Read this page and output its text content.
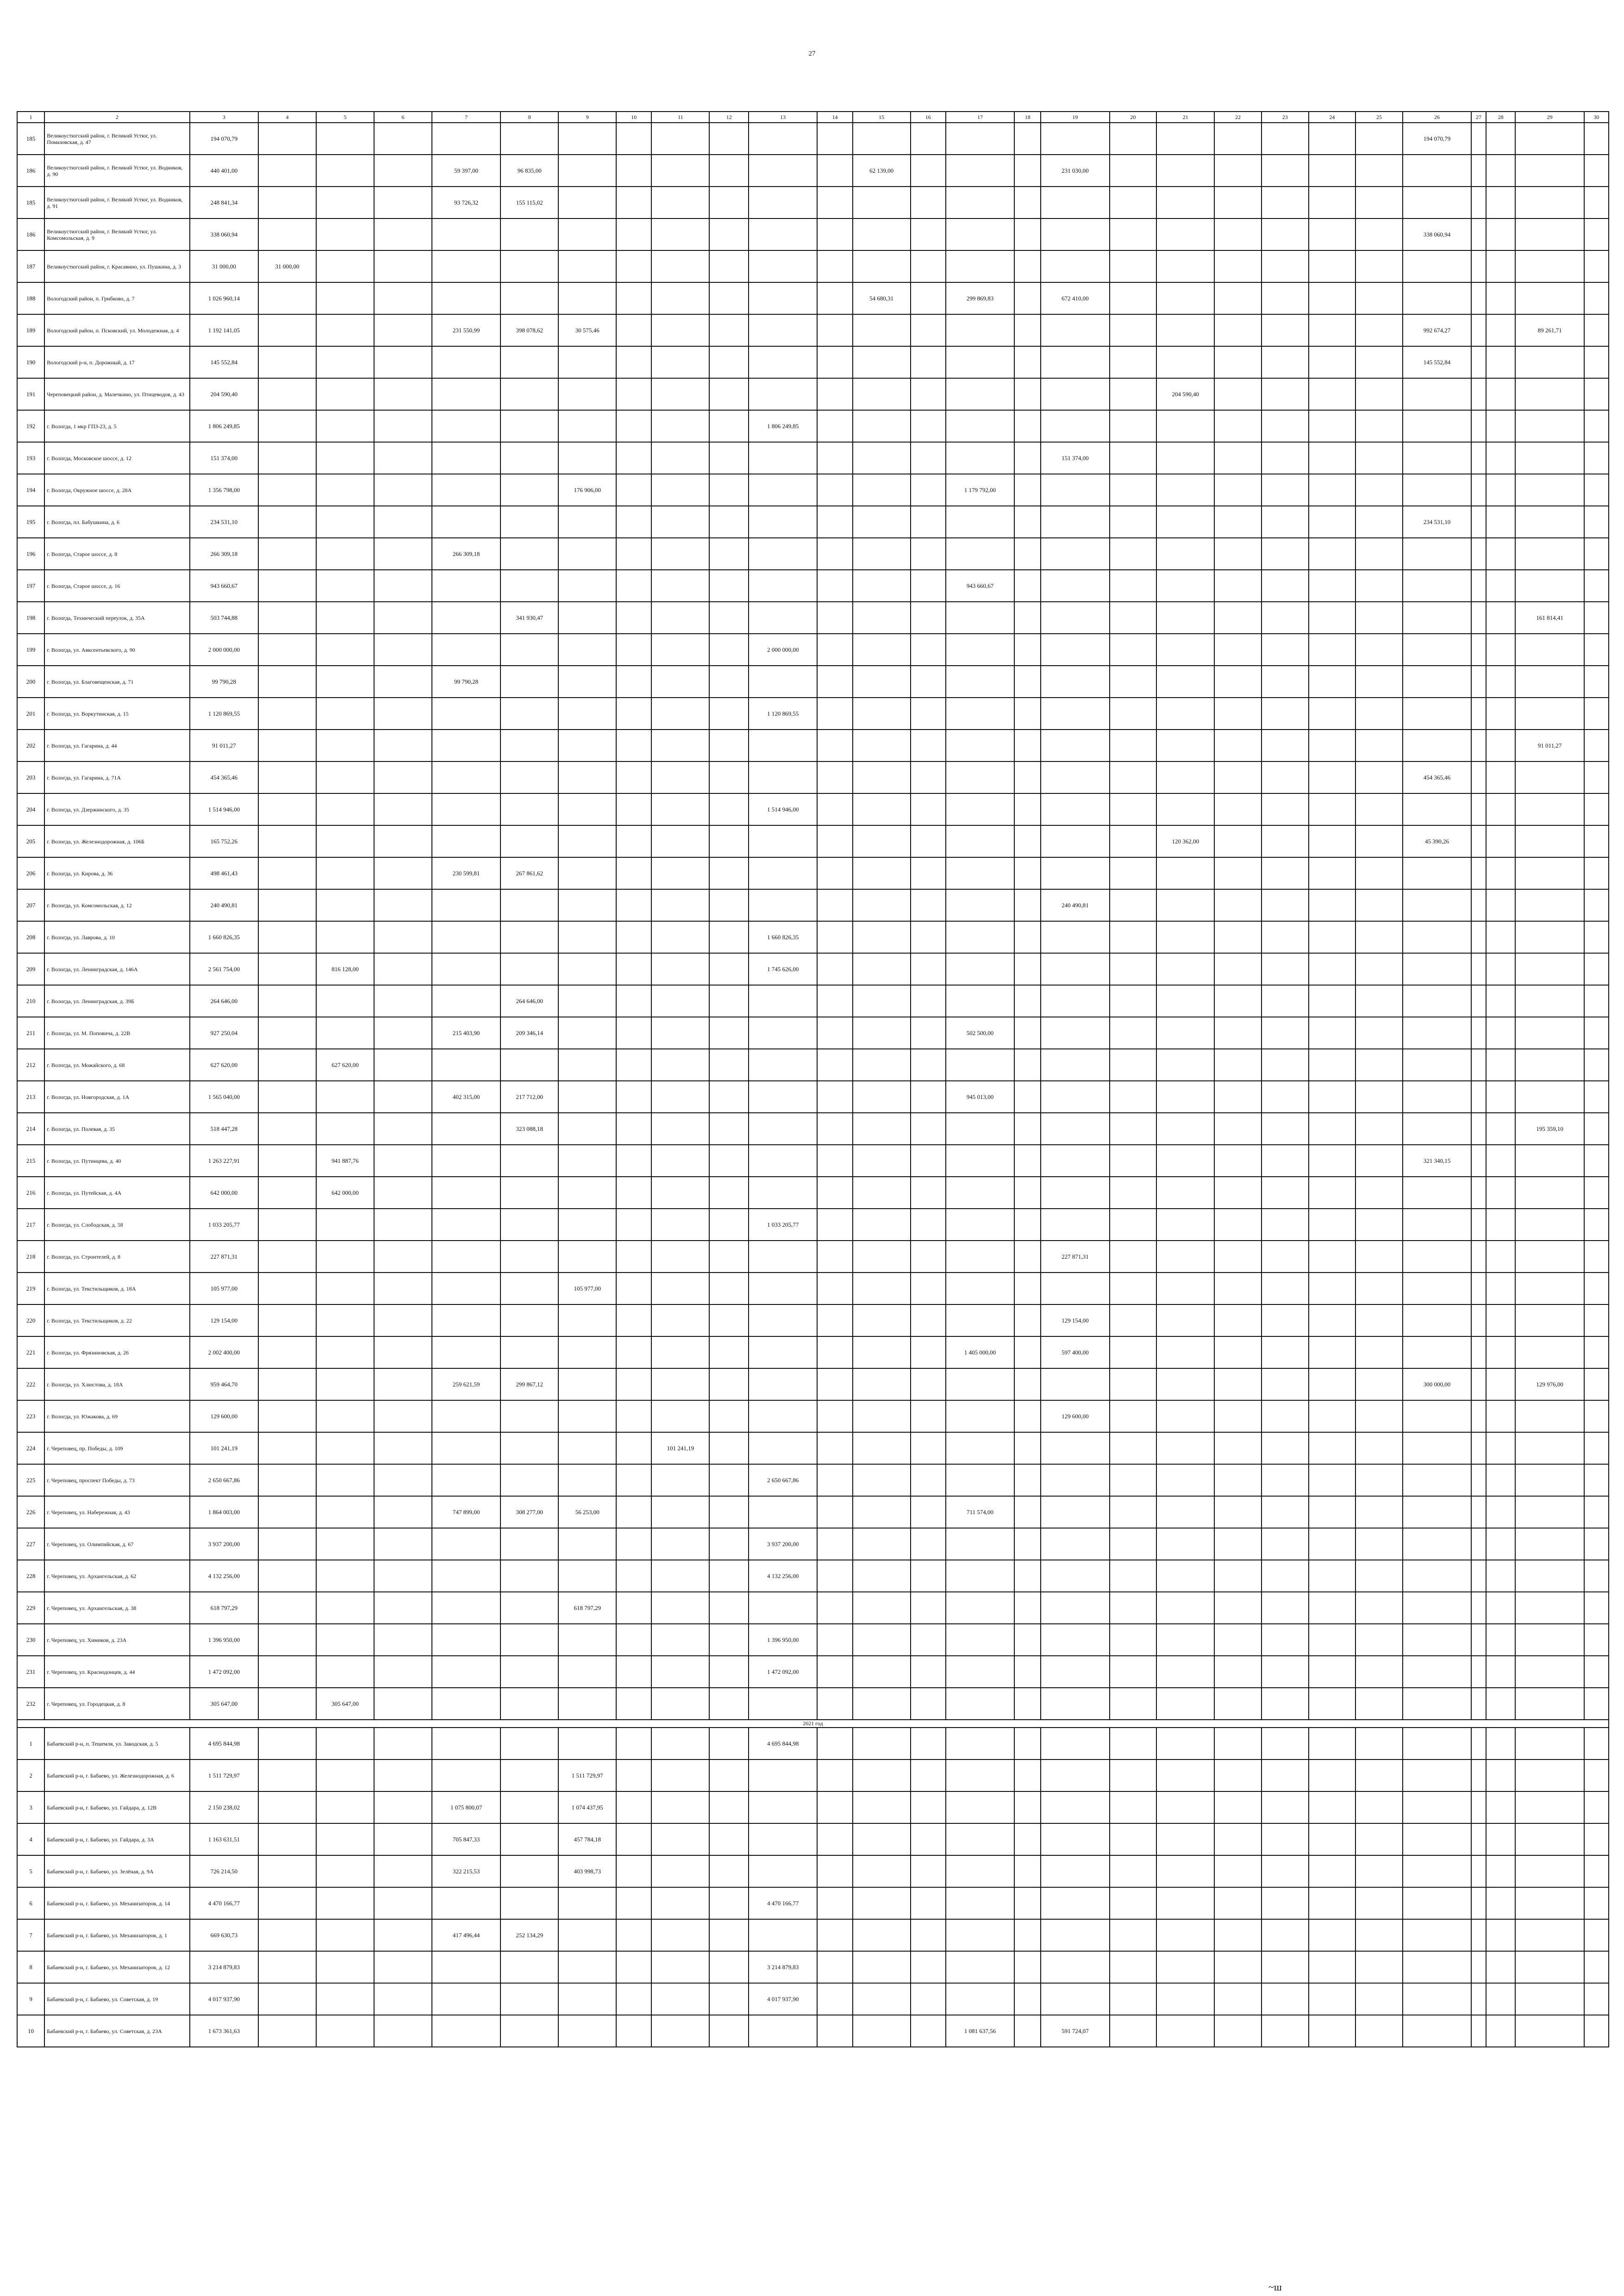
27
1	2	3	4	5	6	7	8	9	10	11	12	13	14	15	16	17	18	19	20	21	22	23	24	25	26	27	28	29	30
185	Великоустюгский район, г. Великий Устюг, ул. Помазовская, д. 47	194 070,79																							194 070,79				
186	Великоустюгский район, г. Великий Устюг, ул. Водников, д. 90	440 401,00				59 397,00	96 835,00							62 139,00				231 030,00											
185	Великоустюгский район, г. Великий Устюг, ул. Водников, д. 91	248 841,34				93 726,32	155 115,02																						
186	Великоустюгский район, г. Великий Устюг, ул. Комсомольская, д. 9	338 060,94																							338 060,94				
187	Великоустюгский район, г. Красавино, ул. Пушкина, д. 3	31 000,00	31 000,00																										
188	Вологодский район, п. Грибково, д. 7	1 026 960,14												54 680,31		299 869,83		672 410,00											
189	Вологодский район, п. Псковский, ул. Молодежная, д. 4	1 192 141,05				231 550,99	398 078,62	30 575,46																	992 674,27			89 261,71	
190	Вологодский р-н, п. Дорожный, д. 17	145 552,84																							145 552,84				
191	Череповецкий район, д. Малечкино, ул. Птицеводов, д. 43	204 590,40																		204 590,40									
192	г. Вологда, 1 мкр ГПЗ-23, д. 5	1 806 249,85										1 806 249,85																	
193	г. Вологда, Московское шоссе, д. 12	151 374,00																151 374,00											
194	г. Вологда, Окружное шоссе, д. 28А	1 356 798,00						176 906,00								1 179 792,00													
195	г. Вологда, пл. Бабушкина, д. 6	234 531,10																							234 531,10				
196	г. Вологда, Старое шоссе, д. 8	266 309,18				266 309,18																							
197	г. Вологда, Старое шоссе, д. 16	943 660,67														943 660,67													
198	г. Вологда, Технический переулок, д. 35А	503 744,88					341 930,47																					161 814,41	
199	г. Вологда, ул. Авксентьевского, д. 90	2 000 000,00										2 000 000,00																	
200	г. Вологда, ул. Благовещенская, д. 71	99 790,28				99 790,28																							
201	г. Вологда, ул. Воркутинская, д. 15	1 120 869,55										1 120 869,55																	
202	г. Вологда, ул. Гагарина, д. 44	91 011,27																										91 011,27	
203	г. Вологда, ул. Гагарина, д. 71А	454 365,46																							454 365,46				
204	г. Вологда, ул. Дзержинского, д. 35	1 514 946,00										1 514 946,00																	
205	г. Вологда, ул. Железнодорожная, д. 106Б	165 752,26																		120 362,00					45 390,26				
206	г. Вологда, ул. Кирова, д. 36	498 461,43				230 599,81	267 861,62																						
207	г. Вологда, ул. Комсомольская, д. 12	240 490,81																240 490,81											
208	г. Вологда, ул. Лаврова, д. 10	1 660 826,35										1 660 826,35																	
209	г. Вологда, ул. Ленинградская, д. 146А	2 561 754,00		816 128,00								1 745 626,00																	
210	г. Вологда, ул. Ленинградская, д. 39Б	264 646,00					264 646,00																						
211	г. Вологда, ул. М. Поповича, д. 22В	927 250,04				215 403,90	209 346,14									502 500,00													
212	г. Вологда, ул. Можайского, д. 68	627 620,00		627 620,00																									
213	г. Вологда, ул. Новгородская, д. 1А	1 565 040,00				402 315,00	217 712,00									945 013,00													
214	г. Вологда, ул. Полевая, д. 35	518 447,28					323 088,18																					195 359,10	
215	г. Вологда, ул. Путинцева, д. 40	1 263 227,91		941 887,76																					321 340,15				
216	г. Вологда, ул. Путейская, д. 4А	642 000,00		642 000,00																									
217	г. Вологда, ул. Слободская, д. 58	1 033 205,77										1 033 205,77																	
218	г. Вологда, ул. Строителей, д. 8	227 871,31																227 871,31											
219	г. Вологда, ул. Текстильщиков, д. 18А	105 977,00						105 977,00																					
220	г. Вологда, ул. Текстильщиков, д. 22	129 154,00																129 154,00											
221	г. Вологда, ул. Фрязиновская, д. 26	2 002 400,00														1 405 000,00		597 400,00											
222	г. Вологда, ул. Хлюстова, д. 18А	959 464,70				259 621,59	299 867,12																		300 000,00			129 976,00	
223	г. Вологда, ул. Южакова, д. 69	129 600,00																129 600,00											
224	г. Череповец, пр. Победы, д. 109	101 241,19								101 241,19																			
225	г. Череповец, проспект Победы, д. 73	2 650 667,86										2 650 667,86																	
226	г. Череповец, ул. Набережная, д. 43	1 864 003,00				747 899,00	308 277,00	56 253,00								711 574,00													
227	г. Череповец, ул. Олимпийская, д. 67	3 937 200,00										3 937 200,00																	
228	г. Череповец, ул. Архангельская, д. 62	4 132 256,00										4 132 256,00																	
229	г. Череповец, ул. Архангельская, д. 38	618 797,29						618 797,29																					
230	г. Череповец, ул. Химиков, д. 23А	1 396 950,00										1 396 950,00																	
231	г. Череповец, ул. Краснодонцев, д. 44	1 472 092,00										1 472 092,00																	
232	г. Череповец, ул. Городецкая, д. 8	305 647,00		305 647,00																									
2021 год																													
1	Бабаевский р-н, п. Тешемля, ул. Заводская, д. 5	4 695 844,98										4 695 844,98																	
2	Бабаевский р-н, г. Бабаево, ул. Железнодорожная, д. 6	1 511 729,97						1 511 729,97																					
3	Бабаевский р-н, г. Бабаево, ул. Гайдара, д. 12В	2 150 238,02				1 075 800,07		1 074 437,95																					
4	Бабаевский р-н, г. Бабаево, ул. Гайдара, д. 3А	1 163 631,51				705 847,33		457 784,18																					
5	Бабаевский р-н, г. Бабаево, ул. Зелёная, д. 9А	726 214,50				322 215,53		403 998,73																					
6	Бабаевский р-н, г. Бабаево, ул. Механизаторов, д. 14	4 470 166,77										4 470 166,77																	
7	Бабаевский р-н, г. Бабаево, ул. Механизаторов, д. 1	669 630,73				417 496,44	252 134,29																						
8	Бабаевский р-н, г. Бабаево, ул. Механизаторов, д. 12	3 214 879,83										3 214 879,83																	
9	Бабаевский р-н, г. Бабаево, ул. Советская, д. 19	4 017 937,90										4 017 937,90																	
10	Бабаевский р-н, г. Бабаево, ул. Советская, д. 23А	1 673 361,63														1 081 637,56		591 724,07											
~ш
